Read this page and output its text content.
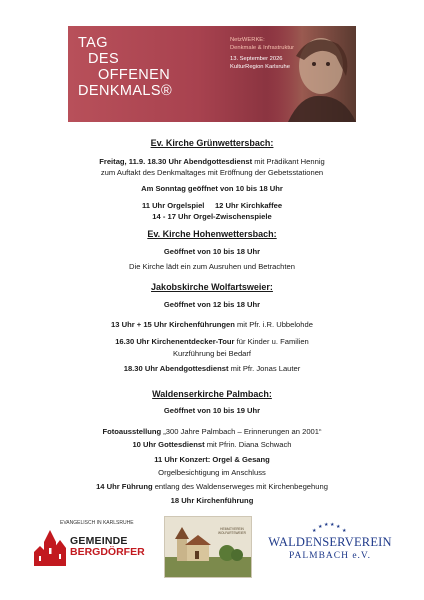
TAG
DES
OFFENEN
DENKMALS®
NetzWERKE:
Denkmale & Infrastruktur
13. September 2026
KulturRegion Karlsruhe
Ev. Kirche Grünwettersbach:
Freitag, 11.9. 18.30 Uhr Abendgottesdienst mit Prädikant Hennig
zum Auftakt des Denkmaltages mit Eröffnung der Gebetsstationen
Am Sonntag geöffnet von 10 bis 18 Uhr
11 Uhr Orgelspiel     12 Uhr Kirchkaffee
14 - 17 Uhr Orgel-Zwischenspiele
Ev. Kirche Hohenwettersbach:
Geöffnet von 10 bis 18 Uhr
Die Kirche lädt ein zum Ausruhen und Betrachten
Jakobskirche Wolfartsweier:
Geöffnet von 12 bis 18 Uhr
13 Uhr + 15 Uhr Kirchenführungen mit Pfr. i.R. Ubbelohde
16.30 Uhr Kirchenentdecker-Tour für Kinder u. Familien
Kurzführung bei Bedarf
18.30 Uhr Abendgottesdienst mit Pfr. Jonas Lauter
Waldenserkirche Palmbach:
Geöffnet von 10 bis 19 Uhr
Fotoausstellung „300 Jahre Palmbach – Erinnerungen an 2001“
10 Uhr Gottesdienst mit Pfrin. Diana Schwach
11 Uhr Konzert: Orgel & Gesang
Orgelbesichtigung im Anschluss
14 Uhr Führung entlang des Waldenserweges mit Kirchenbegehung
18 Uhr Kirchenführung
EVANGELISCH IN KARLSRUHE
GEMEINDE
BERGDÖRFER
HEIMATVEREIN WOLFARTSWEIER	★
★ ★ ★ ★
★
WALDENSERVEREIN
PALMBACH e.V.
